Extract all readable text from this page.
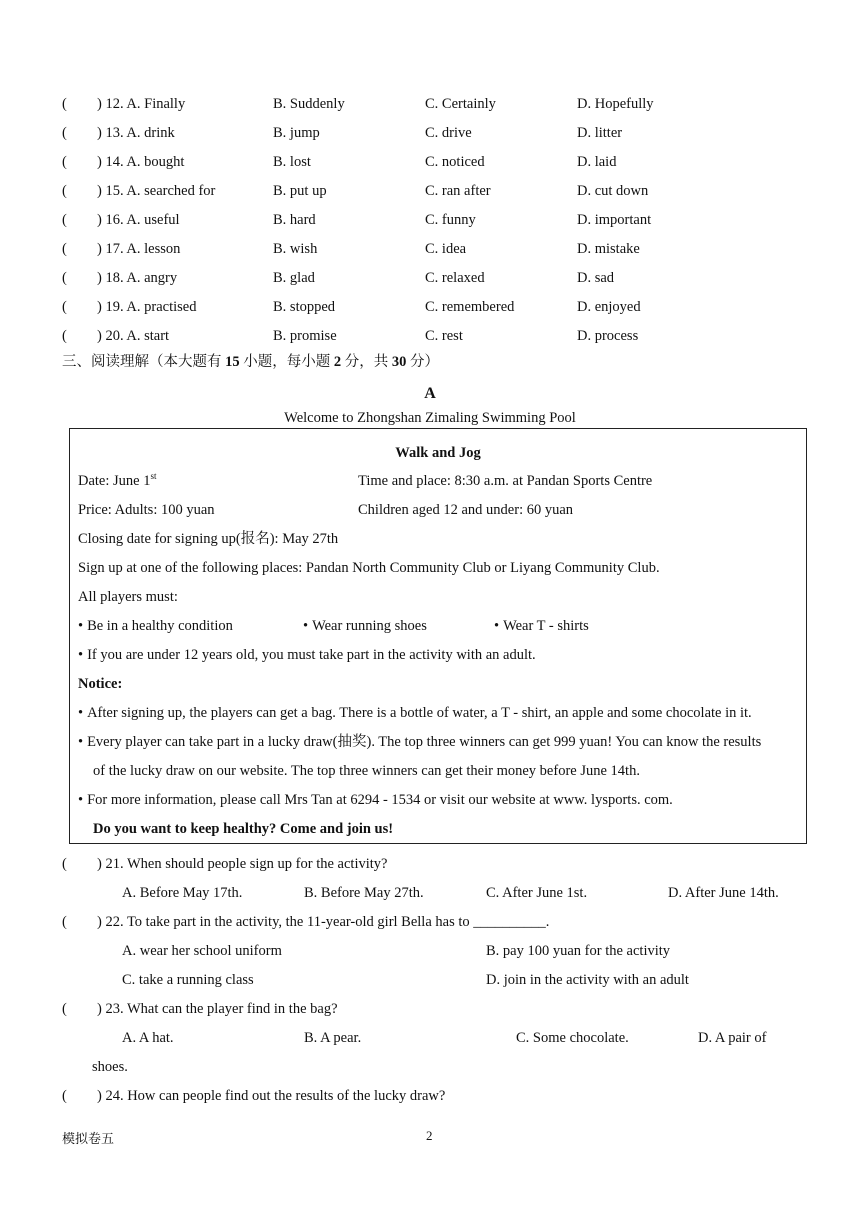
( ) 12. A. Finally	B. Suddenly	C. Certainly	D. Hopefully
( ) 13. A. drink	B. jump	C. drive	D. litter
( ) 14. A. bought	B. lost	C. noticed	D. laid
( ) 15. A. searched for	B. put up	C. ran after	D. cut down
( ) 16. A. useful	B. hard	C. funny	D. important
( ) 17. A. lesson	B. wish	C. idea	D. mistake
( ) 18. A. angry	B. glad	C. relaxed	D. sad
( ) 19. A. practised	B. stopped	C. remembered	D. enjoyed
( ) 20. A. start	B. promise	C. rest	D. process
三、阅读理解（本大题有 15 小题，每小题 2 分，共 30 分）
A
Welcome to Zhongshan Zimaling Swimming Pool
Walk and Jog
Date: June 1st	Time and place: 8:30 a.m. at Pandan Sports Centre
Price: Adults: 100 yuan	Children aged 12 and under: 60 yuan
Closing date for signing up(报名): May 27th
Sign up at one of the following places: Pandan North Community Club or Liyang Community Club.
All players must:
• Be in a healthy condition	• Wear running shoes	• Wear T - shirts
• If you are under 12 years old, you must take part in the activity with an adult.
Notice:
• After signing up, the players can get a bag. There is a bottle of water, a T - shirt, an apple and some chocolate in it.
• Every player can take part in a lucky draw(抽奖). The top three winners can get 999 yuan! You can know the results
of the lucky draw on our website. The top three winners can get their money before June 14th.
• For more information, please call Mrs Tan at 6294 - 1534 or visit our website at www. lysports. com.
Do you want to keep healthy? Come and join us!
( ) 21. When should people sign up for the activity?
A. Before May 17th.	B. Before May 27th.	C. After June 1st.	D. After June 14th.
( ) 22. To take part in the activity, the 11-year-old girl Bella has to __________.
A. wear her school uniform	B. pay 100 yuan for the activity
C. take a running class	D. join in the activity with an adult
( ) 23. What can the player find in the bag?
A. A hat.	B. A pear.	C. Some chocolate.	D. A pair of
shoes.
( ) 24. How can people find out the results of the lucky draw?
模拟卷五	2
